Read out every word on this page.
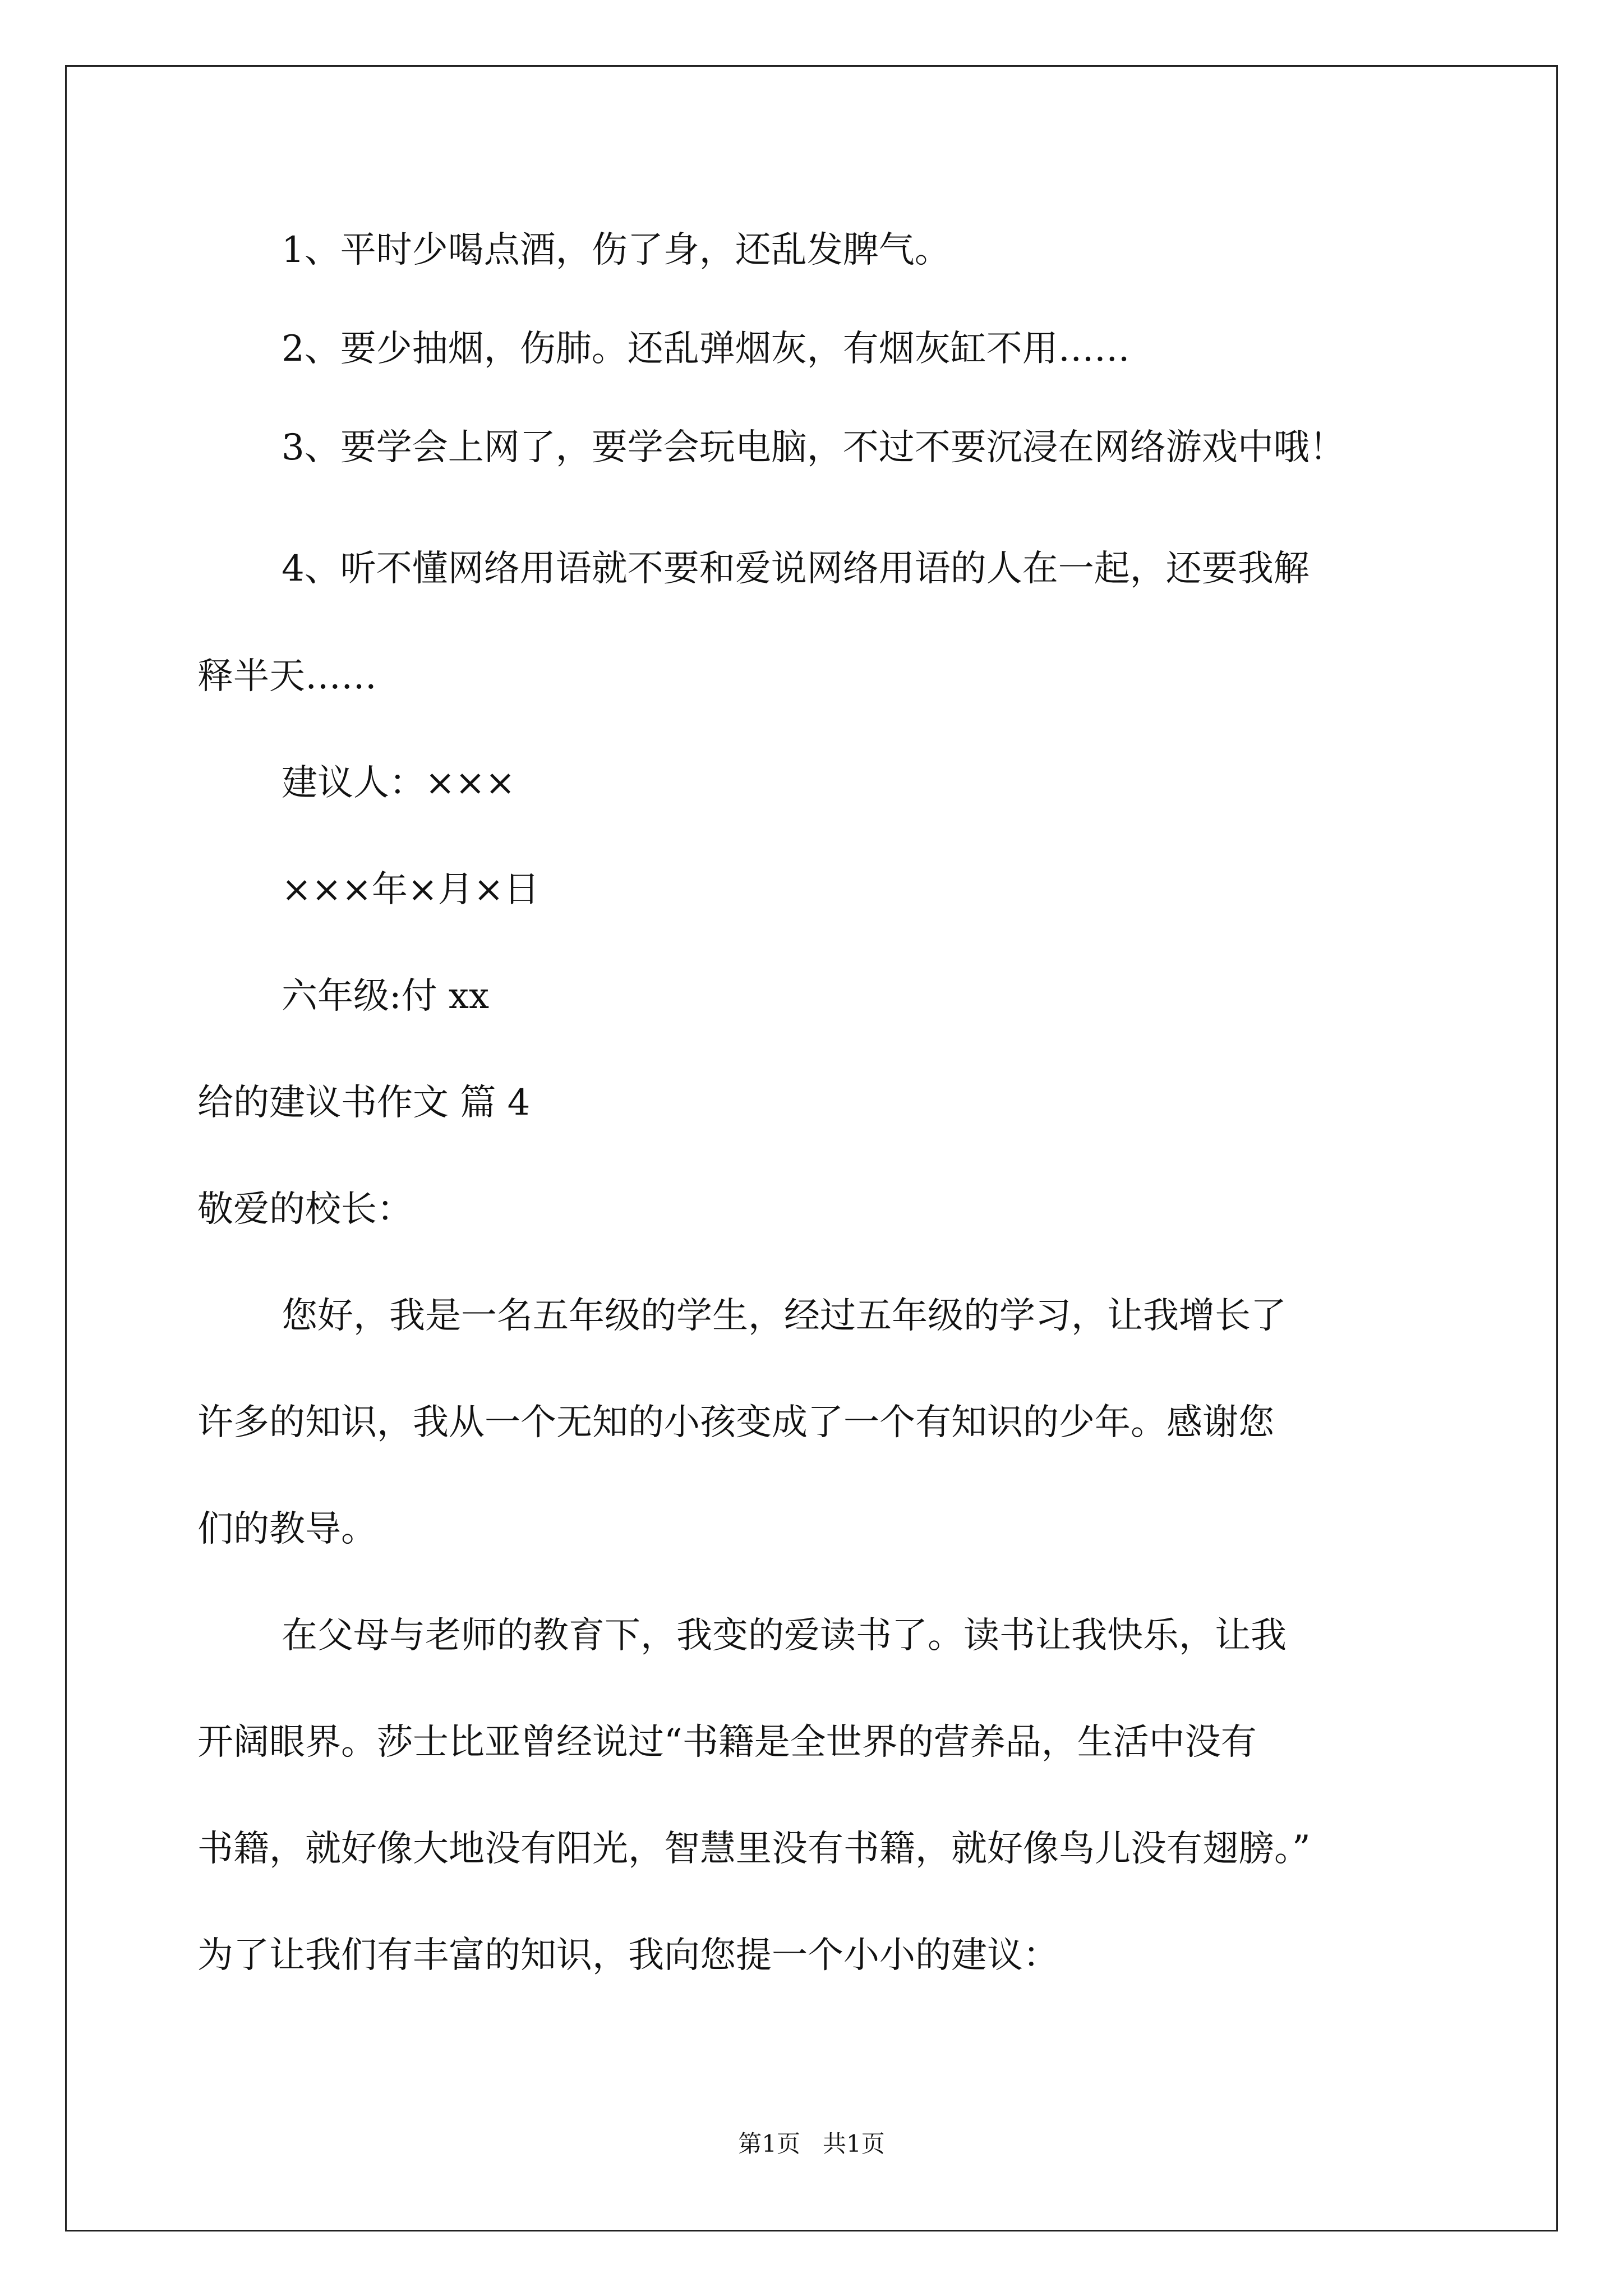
1、平时少喝点酒，伤了身，还乱发脾气。
2、要少抽烟，伤肺。还乱弹烟灰，有烟灰缸不用……
3、要学会上网了，要学会玩电脑，不过不要沉浸在网络游戏中哦！
4、听不懂网络用语就不要和爱说网络用语的人在一起，还要我解
释半天……
建议人：×××
×××年×月×日
六年级:付 xx
给的建议书作文 篇 4
敬爱的校长：
您好，我是一名五年级的学生，经过五年级的学习，让我增长了
许多的知识，我从一个无知的小孩变成了一个有知识的少年。感谢您
们的教导。
在父母与老师的教育下，我变的爱读书了。读书让我快乐，让我
开阔眼界。莎士比亚曾经说过“书籍是全世界的营养品，生活中没有
书籍，就好像大地没有阳光，智慧里没有书籍，就好像鸟儿没有翅膀。”
为了让我们有丰富的知识，我向您提一个小小的建议：
第1页   共1页
